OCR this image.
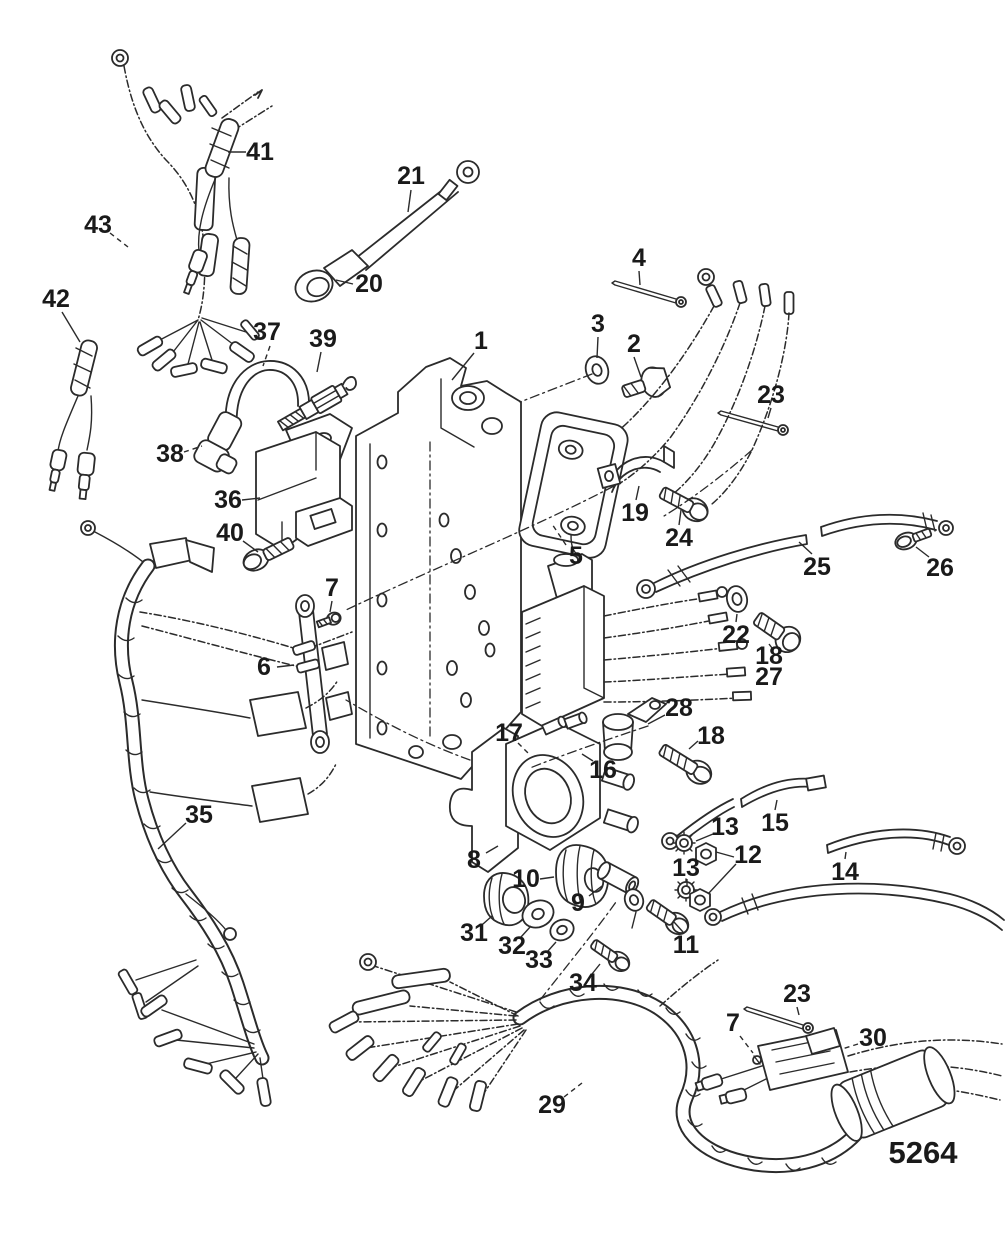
41
21
43
20
42
4
3
37 39	1	2
23
38
36	19
40	24
5	25	26
7
22
18
27
6
28
17	18
16
35	15
13
12
8	13	14
10
9
31	11
32 33
34	23
7
30
29
5264
